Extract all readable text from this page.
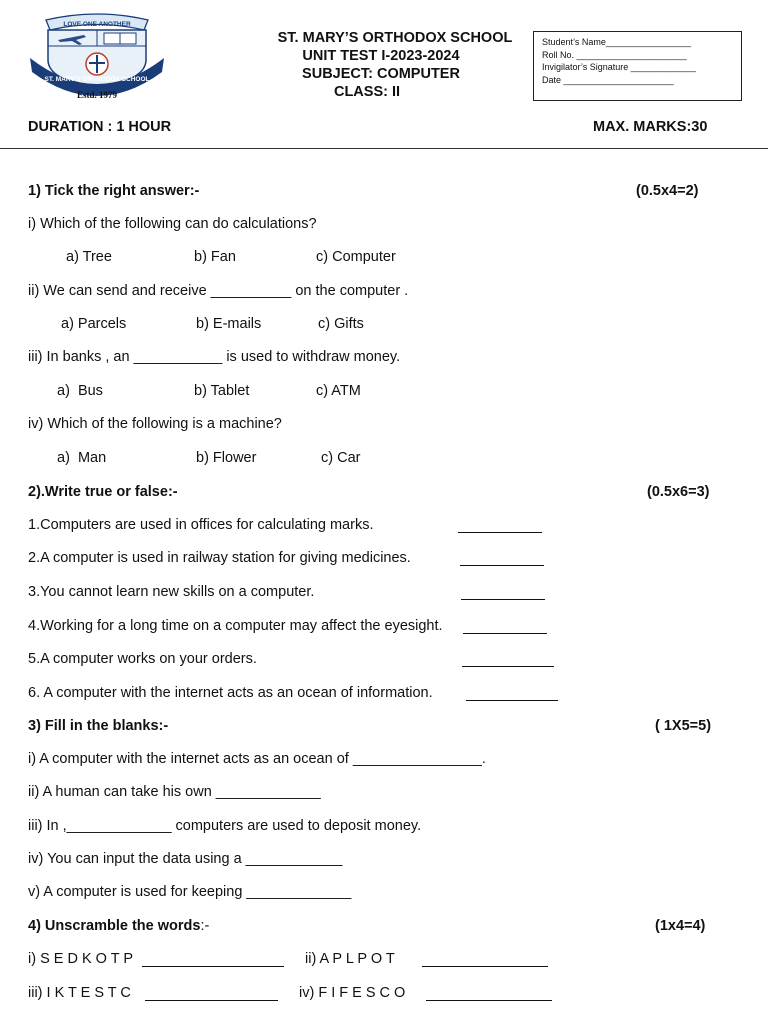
LOVE ONE ANOTHER
ST. MARY'S ORTHODOX SCHOOL
Estd. 1979
ST. MARY’S ORTHODOX SCHOOL
UNIT TEST I-2023-2024
SUBJECT: COMPUTER
CLASS: II
Student’s Name_________________
Roll No. ______________________
Invigilator’s Signature _____________
Date ______________________
DURATION : 1 HOUR	MAX. MARKS:30
1) Tick the right answer:-	(0.5x4=2)
i) Which of the following can do calculations?
a) Tree	b) Fan	c) Computer
ii) We can send and receive __________ on the computer .
a) Parcels	b) E-mails	c) Gifts
iii) In banks , an ___________ is used to withdraw money.
a)  Bus	b) Tablet	c) ATM
iv) Which of the following is a machine?
a)  Man	b) Flower	c) Car
2).Write true or false:-	(0.5x6=3)
1.Computers are used in offices for calculating marks.
2.A computer is used in railway station for giving medicines.
3.You cannot learn new skills on a computer.
4.Working for a long time on a computer may affect the eyesight.
5.A computer works on your orders.
6. A computer with the internet acts as an ocean of information.
3) Fill in the blanks:-	( 1X5=5)
i) A computer with the internet acts as an ocean of ________________.
ii) A human can take his own _____________
iii) In ,_____________ computers are used to deposit money.
iv) You can input the data using a ____________
v) A computer is used for keeping _____________
4) Unscramble the words:-	(1x4=4)
i) S E D K O T P	ii) A P L P O T
iii) I K T E S T C	iv) F I F E S C O
